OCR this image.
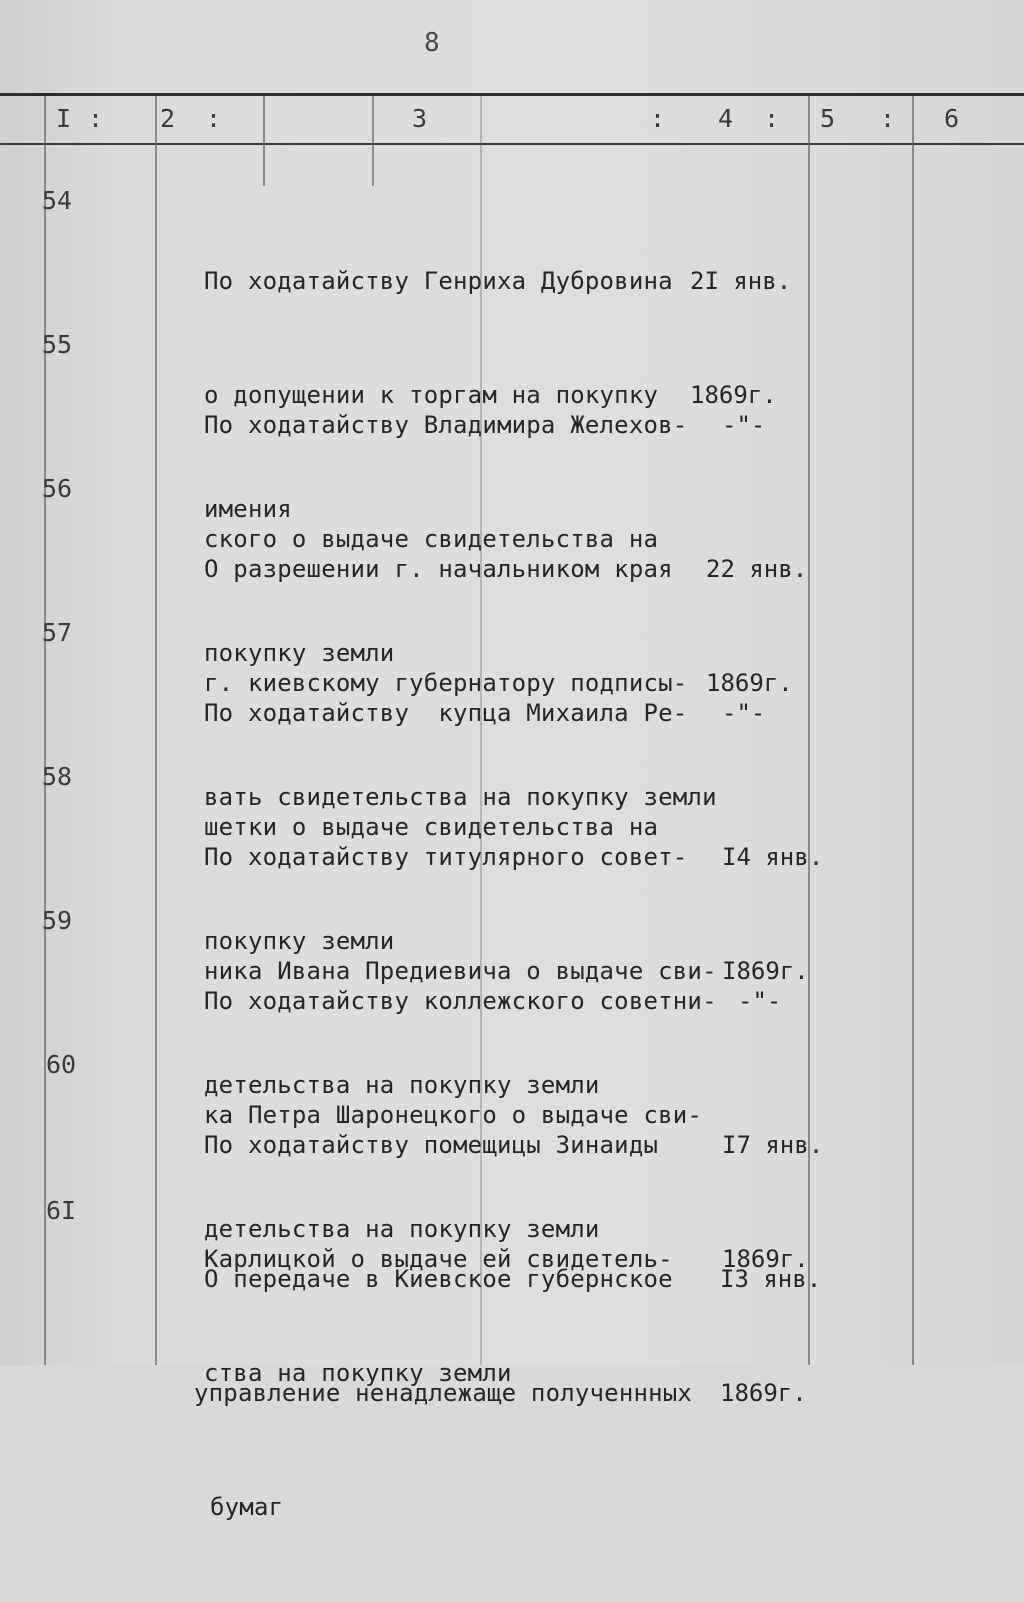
8
I : 2 :	3	: 4 : 5 : 6
54

По ходатайству Генриха Дубровина

о допущении к торгам на покупку

имения

2I янв.

1869г.

55

По ходатайству Владимира Желехов-

ского о выдаче свидетельства на

покупку земли

-"-

56

О разрешении г. начальником края

г. киевскому губернатору подписы-

вать свидетельства на покупку земли

22 янв.

1869г.

57

По ходатайству  купца Михаила Ре-

шетки о выдаче свидетельства на

покупку земли

-"-

58

По ходатайству титулярного совет-

ника Ивана Предиевича о выдаче сви-

детельства на покупку земли

I4 янв.

I869г.

59

По ходатайству коллежского советни-

ка Петра Шаронецкого о выдаче сви-

детельства на покупку земли

-"-

60

По ходатайству помещицы Зинаиды

Карлицкой о выдаче ей свидетель-

ства на покупку земли

I7 янв.

1869г.

6I

О передаче в Киевское губернское

управление ненадлежаще полученнных

бумаг

I3 янв.

1869г.
